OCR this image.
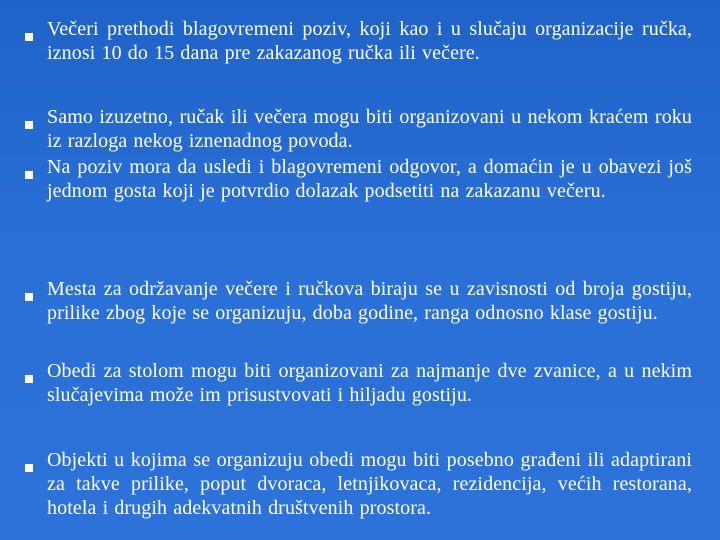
Večeri prethodi blagovremeni poziv, koji kao i u slučaju organizacije ručka, iznosi 10 do 15 dana pre zakazanog ručka ili večere.
Samo izuzetno, ručak ili večera mogu biti organizovani u nekom kraćem roku iz razloga nekog iznenadnog povoda.
Na poziv mora da usledi i blagovremeni odgovor, a domaćin je u obavezi još jednom gosta koji je potvrdio dolazak podsetiti na zakazanu večeru.
Mesta za održavanje večere i ručkova biraju se u zavisnosti od broja gostiju, prilike zbog koje se organizuju, doba godine, ranga odnosno klase gostiju.
Obedi za stolom mogu biti organizovani za najmanje dve zvanice, a u nekim slučajevima može im prisustvovati i hiljadu gostiju.
Objekti u kojima se organizuju obedi mogu biti posebno građeni ili adaptirani za takve prilike, poput dvoraca, letnjikovaca, rezidencija, većih restorana, hotela i drugih adekvatnih društvenih prostora.
